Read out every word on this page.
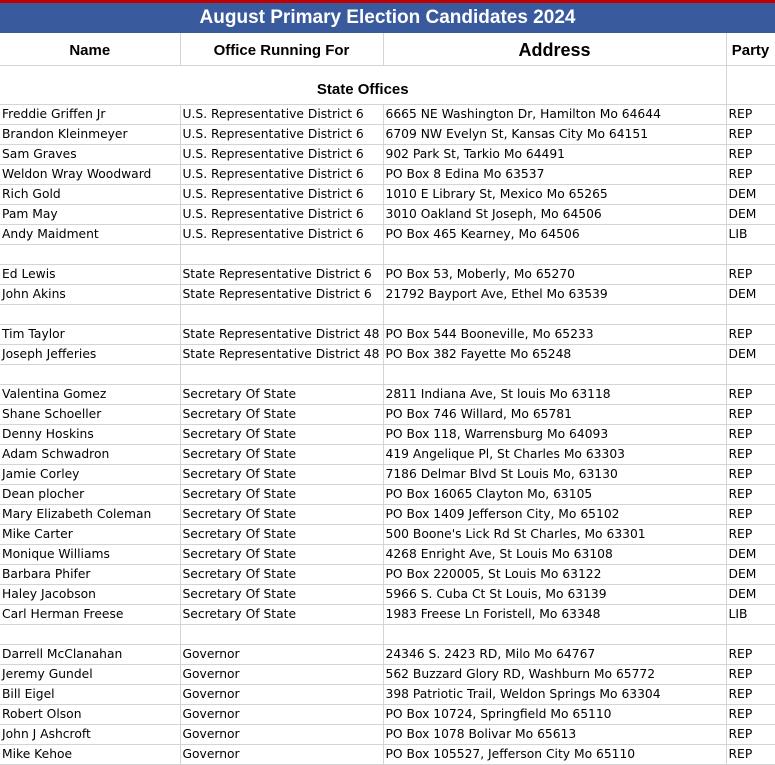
August Primary Election Candidates 2024
Name	Office Running For	Address	Party
State Offices			
Freddie Griffen Jr	U.S. Representative District 6	6665 NE Washington Dr, Hamilton Mo 64644	REP
Brandon Kleinmeyer	U.S. Representative District 6	6709 NW Evelyn St, Kansas City Mo 64151	REP
Sam Graves	U.S. Representative District 6	902 Park St, Tarkio Mo 64491	REP
Weldon Wray Woodward	U.S. Representative District 6	PO Box 8 Edina Mo 63537	REP
Rich Gold	U.S. Representative District 6	1010 E Library St, Mexico Mo 65265	DEM
Pam May	U.S. Representative District 6	3010 Oakland St Joseph, Mo 64506	DEM
Andy Maidment	U.S. Representative District 6	PO Box 465 Kearney, Mo 64506	LIB

Ed Lewis	State Representative District 6	PO Box 53, Moberly, Mo 65270	REP
John Akins	State Representative District 6	21792 Bayport Ave, Ethel Mo 63539	DEM

Tim Taylor	State Representative District 48	PO Box 544 Booneville, Mo 65233	REP
Joseph Jefferies	State Representative District 48	PO Box 382 Fayette Mo 65248	DEM

Valentina Gomez	Secretary Of State	2811 Indiana Ave, St louis Mo 63118	REP
Shane Schoeller	Secretary Of State	PO Box 746 Willard, Mo 65781	REP
Denny Hoskins	Secretary Of State	PO Box 118, Warrensburg Mo 64093	REP
Adam Schwadron	Secretary Of State	419 Angelique Pl, St Charles Mo 63303	REP
Jamie Corley	Secretary Of State	7186 Delmar Blvd St Louis Mo, 63130	REP
Dean plocher	Secretary Of State	PO Box 16065 Clayton Mo, 63105	REP
Mary Elizabeth Coleman	Secretary Of State	PO Box 1409 Jefferson City, Mo 65102	REP
Mike Carter	Secretary Of State	500 Boone's Lick Rd St Charles, Mo 63301	REP
Monique Williams	Secretary Of State	4268 Enright Ave, St Louis Mo 63108	DEM
Barbara Phifer	Secretary Of State	PO Box 220005, St Louis Mo 63122	DEM
Haley Jacobson	Secretary Of State	5966 S. Cuba Ct St Louis, Mo 63139	DEM
Carl Herman Freese	Secretary Of State	1983 Freese Ln Foristell, Mo 63348	LIB

Darrell McClanahan	Governor	24346 S. 2423 RD, Milo Mo 64767	REP
Jeremy Gundel	Governor	562 Buzzard Glory RD, Washburn Mo 65772	REP
Bill Eigel	Governor	398 Patriotic Trail, Weldon Springs Mo 63304	REP
Robert Olson	Governor	PO Box 10724, Springfield Mo 65110	REP
John J Ashcroft	Governor	PO Box 1078 Bolivar Mo 65613	REP
Mike Kehoe	Governor	PO Box 105527, Jefferson City Mo 65110	REP
